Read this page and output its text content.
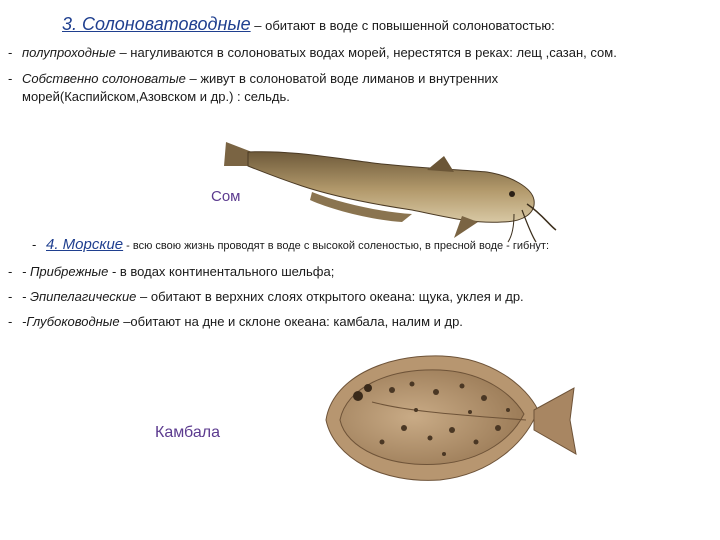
3. Солоноватоводные – обитают в воде с повышенной солоноватостью:
- полупроходные – нагуливаются в солоноватых водах морей, нерестятся в реках: лещ ,сазан, сом.
- Собственно солоноватые – живут в солоноватой воде лиманов и внутренних
морей(Каспийском,Азовском и др.) : сельдь.
Сом
- 4. Морские - всю свою жизнь проводят в воде с высокой соленостью, в пресной воде - гибнут:
- - Прибрежные - в водах континентального шельфа;
- - Эпипелагические – обитают в верхних слоях открытого океана: щука, уклея и др.
- -Глубоководные –обитают на дне и склоне океана: камбала, налим и др.
Камбала
